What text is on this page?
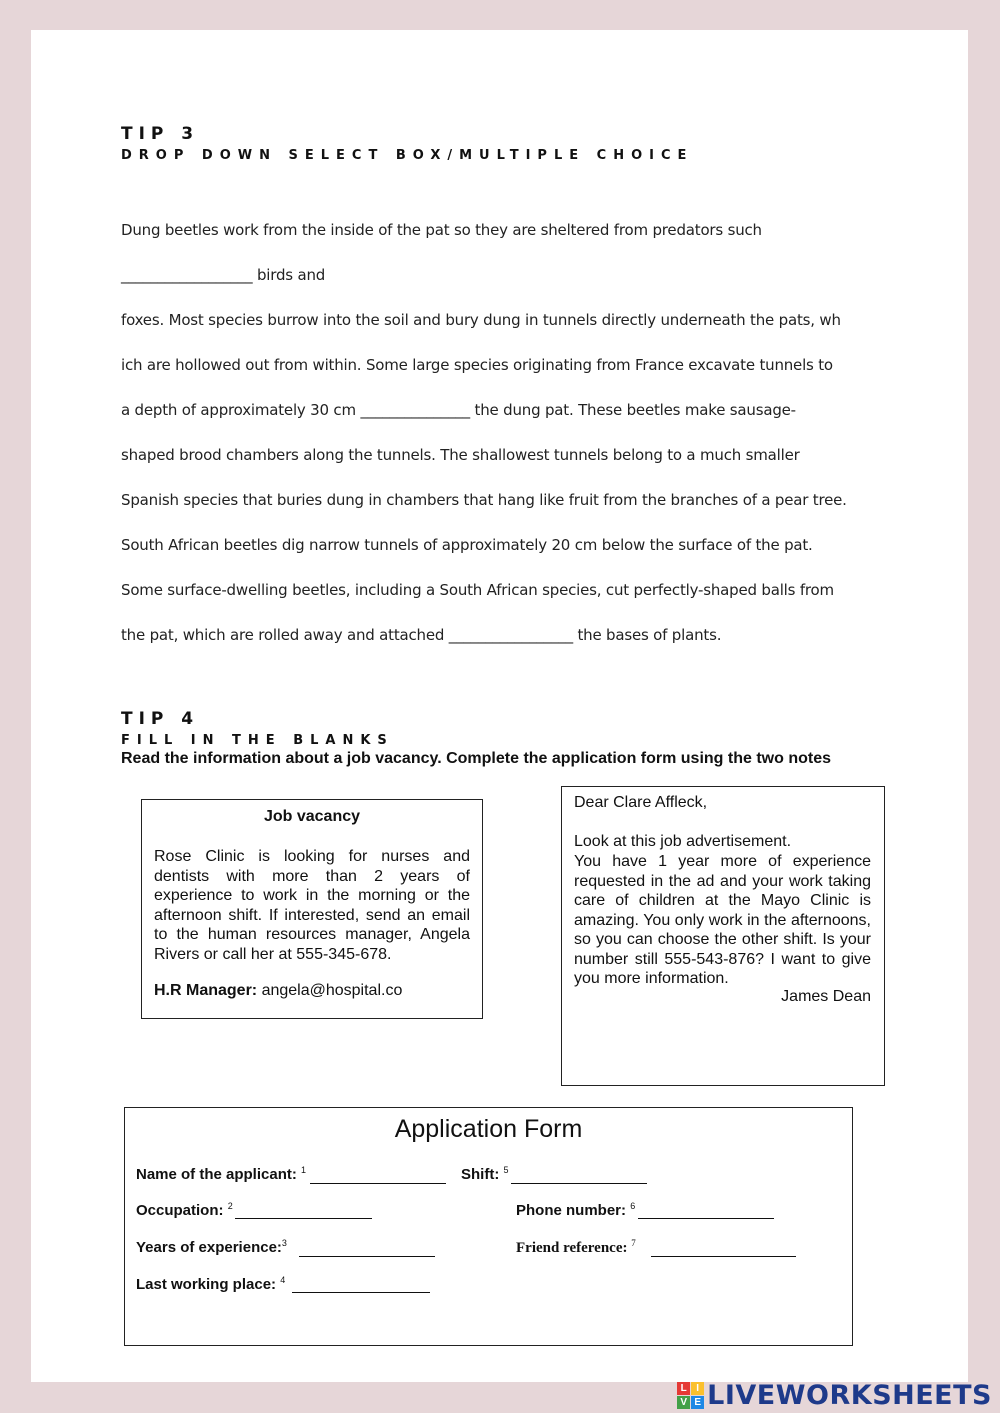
TIP 3
DROP DOWN SELECT BOX/MULTIPLE CHOICE
Dung beetles work from the inside of the pat so they are sheltered from predators such
__________________ birds and
foxes. Most species burrow into the soil and bury dung in tunnels directly underneath the pats, wh
ich are hollowed out from within. Some large species originating from France excavate tunnels to
a depth of approximately 30 cm _______________ the dung pat. These beetles make sausage-
shaped brood chambers along the tunnels. The shallowest tunnels belong to a much smaller
Spanish species that buries dung in chambers that hang like fruit from the branches of a pear tree.
South African beetles dig narrow tunnels of approximately 20 cm below the surface of the pat.
Some surface-dwelling beetles, including a South African species, cut perfectly-shaped balls from
the pat, which are rolled away and attached _________________ the bases of plants.
TIP 4
FILL IN THE BLANKS
Read the information about a job vacancy. Complete the application form using the two notes
Job vacancy
Rose Clinic is looking for nurses and dentists with more than 2 years of experience to work in the morning or the afternoon shift. If interested, send an email to the human resources manager, Angela Rivers or call her at 555-345-678.
H.R Manager: angela@hospital.co
Dear Clare Affleck,
Look at this job advertisement.
You have 1 year more of experience requested in the ad and your work taking care of children at the Mayo Clinic is amazing. You only work in the afternoons, so you can choose the other shift. Is your number still 555-543-876? I want to give you more information.
James Dean
Application Form
Name of the applicant: $^1$	Shift: $^5$
Occupation: $^2$	Phone number: $^6$
Years of experience:$^3$	Friend reference: $^7$
Last working place: $^4$
L I
V E LIVEWORKSHEETS
